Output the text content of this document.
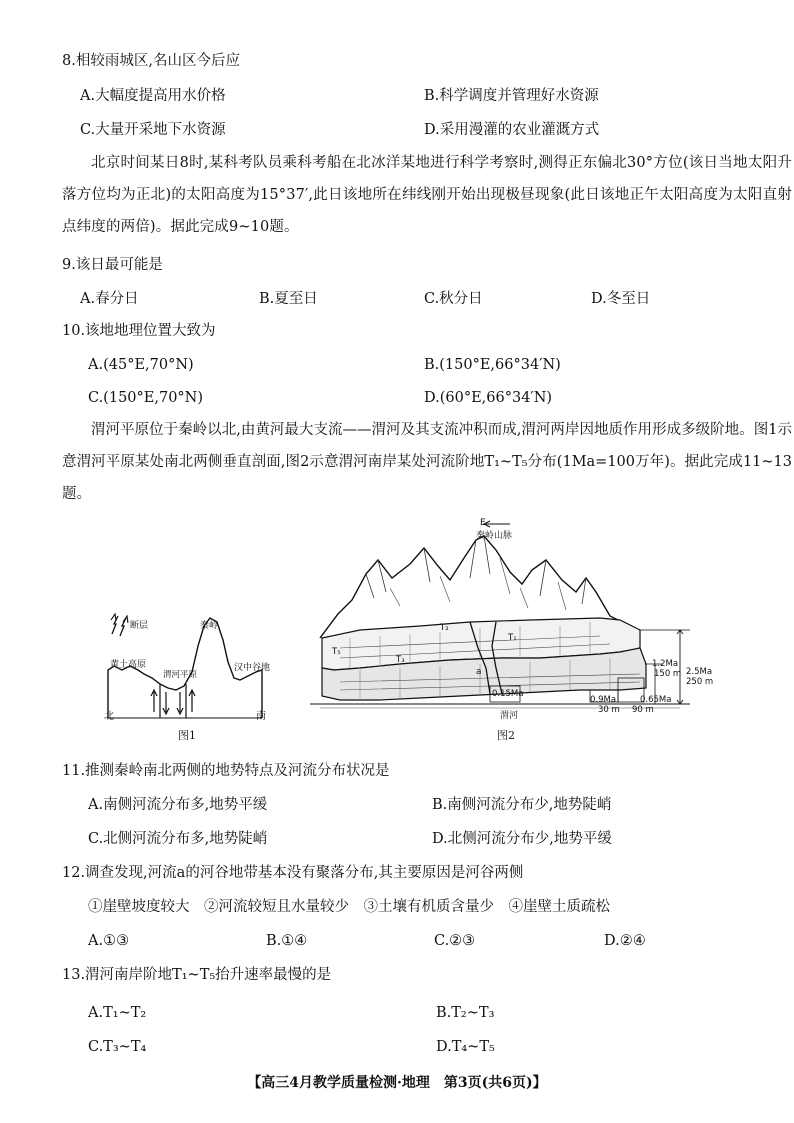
8.相较雨城区,名山区今后应
A.大幅度提高用水价格	B.科学调度并管理好水资源
C.大量开采地下水资源	D.采用漫灌的农业灌溉方式
北京时间某日8时,某科考队员乘科考船在北冰洋某地进行科学考察时,测得正东偏北30°方位(该日当地太阳升落方位均为正北)的太阳高度为15°37′,此日该地所在纬线刚开始出现极昼现象(此日该地正午太阳高度为太阳直射点纬度的两倍)。据此完成9~10题。
9.该日最可能是
A.春分日	B.夏至日	C.秋分日	D.冬至日
10.该地地理位置大致为
A.(45°E,70°N)	B.(150°E,66°34′N)
C.(150°E,70°N)	D.(60°E,66°34′N)
渭河平原位于秦岭以北,由黄河最大支流——渭河及其支流冲积而成,渭河两岸因地质作用形成多级阶地。图1示意渭河平原某处南北两侧垂直剖面,图2示意渭河南岸某处河流阶地T₁~T₅分布(1Ma=100万年)。据此完成11~13题。
断层
黄土高原
渭河平原
秦岭
汉中谷地
北	南
图1
E
秦岭山脉
T₁
T₂
T₃
T₅
a
0.15Ma
0.9Ma	0.65Ma
1.2Ma
2.5Ma
30 m 90 m
150 m
250 m
渭河
图2
11.推测秦岭南北两侧的地势特点及河流分布状况是
A.南侧河流分布多,地势平缓	B.南侧河流分布少,地势陡峭
C.北侧河流分布多,地势陡峭	D.北侧河流分布少,地势平缓
12.调查发现,河流a的河谷地带基本没有聚落分布,其主要原因是河谷两侧
①崖壁坡度较大　②河流较短且水量较少　③土壤有机质含量少　④崖壁土质疏松
A.①③	B.①④	C.②③	D.②④
13.渭河南岸阶地T₁~T₅抬升速率最慢的是
A.T₁~T₂	B.T₂~T₃
C.T₃~T₄	D.T₄~T₅
【高三4月教学质量检测·地理　第3页(共6页)】
